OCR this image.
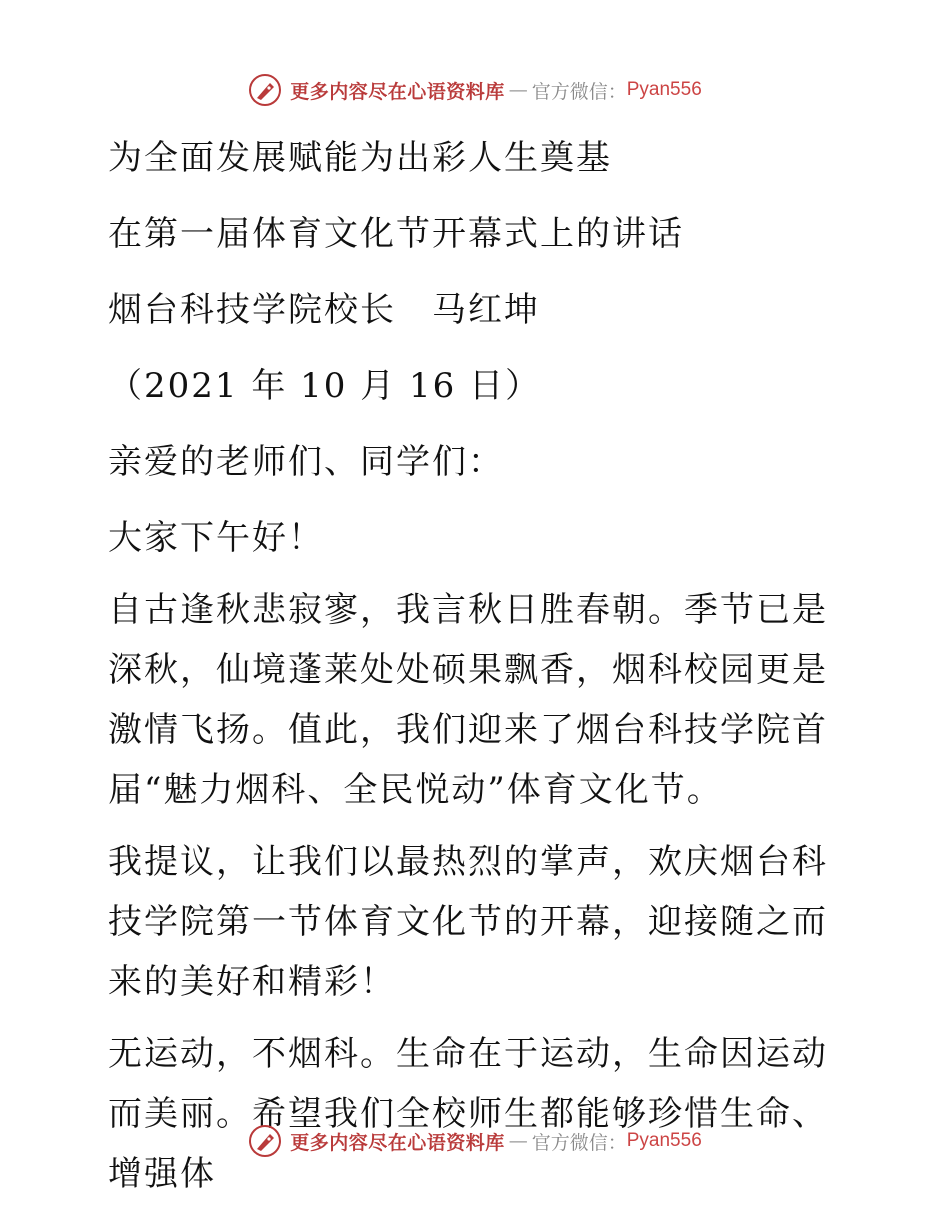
更多内容尽在心语资料库 — 官方微信： Pyan556
为全面发展赋能为出彩人生奠基
在第一届体育文化节开幕式上的讲话
烟台科技学院校长　马红坤
（2021 年 10 月 16 日）
亲爱的老师们、同学们：
大家下午好！
自古逢秋悲寂寥，我言秋日胜春朝。季节已是深秋，仙境蓬莱处处硕果飘香，烟科校园更是激情飞扬。值此，我们迎来了烟台科技学院首届“魅力烟科、全民悦动”体育文化节。
我提议，让我们以最热烈的掌声，欢庆烟台科技学院第一节体育文化节的开幕，迎接随之而来的美好和精彩！
无运动，不烟科。生命在于运动，生命因运动而美丽。希望我们全校师生都能够珍惜生命、增强体
更多内容尽在心语资料库 — 官方微信： Pyan556
